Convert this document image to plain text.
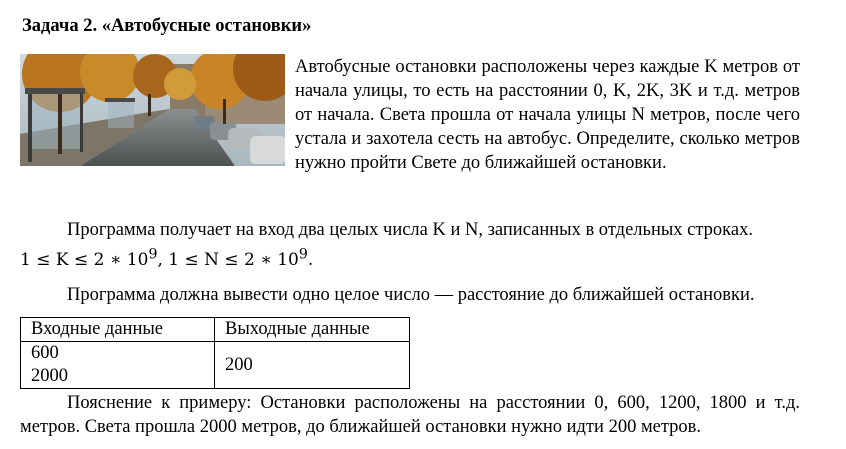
Задача 2. «Автобусные остановки»

Автобусные остановки расположены через каждые K метров от начала улицы, то есть на расстоянии 0, K, 2K, 3K и т.д. метров от начала. Света прошла от начала улицы N метров, после чего устала и захотела сесть на автобус. Определите, сколько метров нужно пройти Свете до ближайшей остановки.

Программа получает на вход два целых числа K и N, записанных в отдельных строках.
1 ≤ K ≤ 2 ∗ $10^9$, 1 ≤ N ≤ 2 ∗ $10^9$.

Программа должна вывести одно целое число — расстояние до ближайшей остановки.

Входные данные	Выходные данные
600
2000	200

Пояснение к примеру: Остановки расположены на расстоянии 0, 600, 1200, 1800 и т.д. метров. Света прошла 2000 метров, до ближайшей остановки нужно идти 200 метров.
